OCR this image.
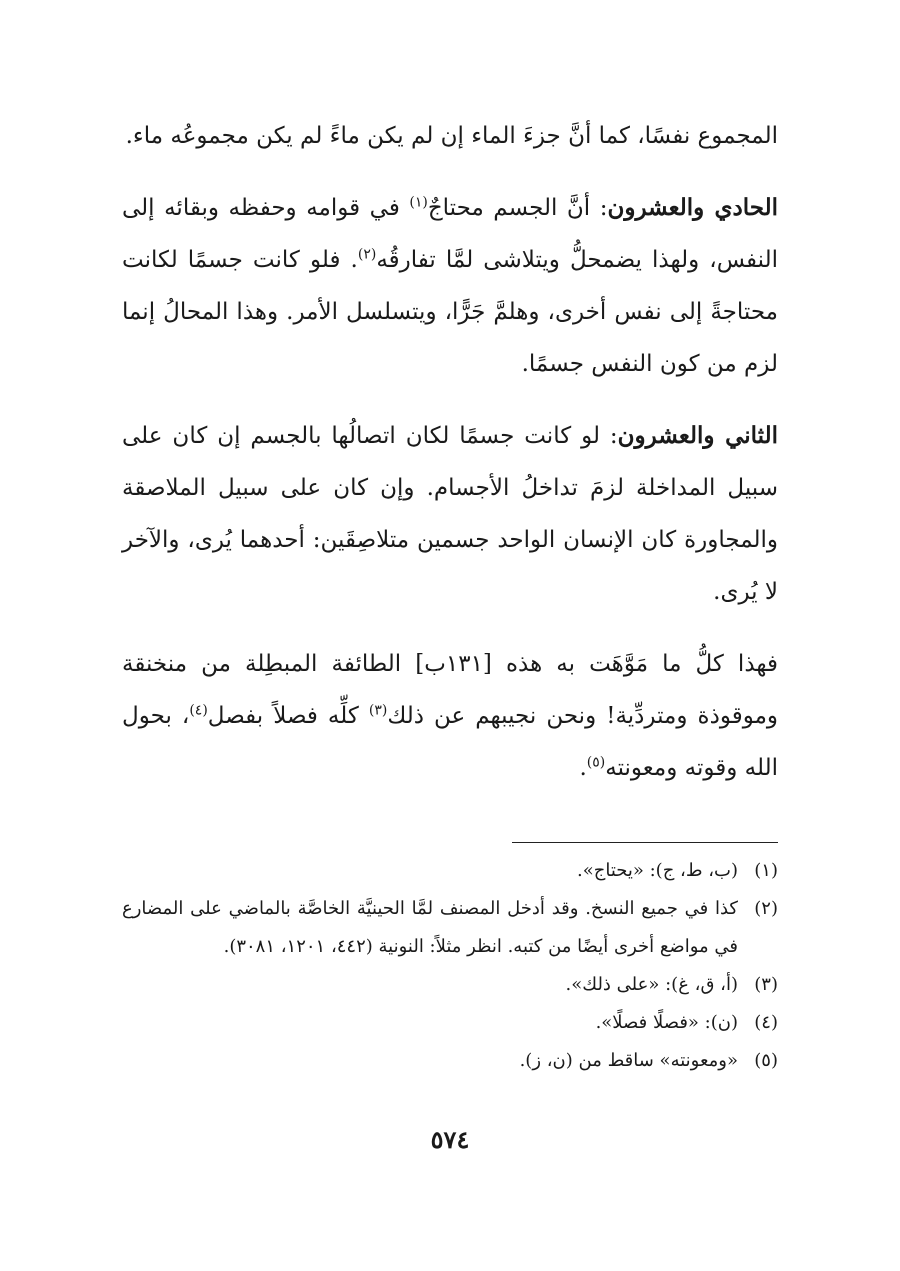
المجموع نفسًا، كما أنَّ جزءَ الماء إن لم يكن ماءً لم يكن مجموعُه ماء.

الحادي والعشرون: أنَّ الجسم محتاجٌ$^{(١)}$ في قوامه وحفظه وبقائه إلى النفس، ولهذا يضمحلُّ ويتلاشى لمَّا تفارقُه$^{(٢)}$. فلو كانت جسمًا لكانت محتاجةً إلى نفس أخرى، وهلمَّ جَرًّا، ويتسلسل الأمر. وهذا المحالُ إنما لزم من كون النفس جسمًا.

الثاني والعشرون: لو كانت جسمًا لكان اتصالُها بالجسم إن كان على سبيل المداخلة لزمَ تداخلُ الأجسام. وإن كان على سبيل الملاصقة والمجاورة كان الإنسان الواحد جسمين متلاصِقَين: أحدهما يُرى، والآخر لا يُرى.

فهذا كلُّ ما مَوَّهَت به هذه [١٣١ب] الطائفة المبطِلة من منخنقة وموقوذة ومتردِّية! ونحن نجيبهم عن ذلك$^{(٣)}$ كلِّه فصلاً بفصل$^{(٤)}$، بحول الله وقوته ومعونته$^{(٥)}$.

(١)
(ب، ط، ج): «يحتاج».
(٢)
كذا في جميع النسخ. وقد أدخل المصنف لمَّا الحينيَّة الخاصَّة بالماضي على المضارع في مواضع أخرى أيضًا من كتبه. انظر مثلاً: النونية (٤٤٢، ١٢٠١، ٣٠٨١).
(٣)
(أ، ق، غ): «على ذلك».
(٤)
(ن): «فصلًا فصلًا».
(٥)
«ومعونته» ساقط من (ن، ز).
٥٧٤
